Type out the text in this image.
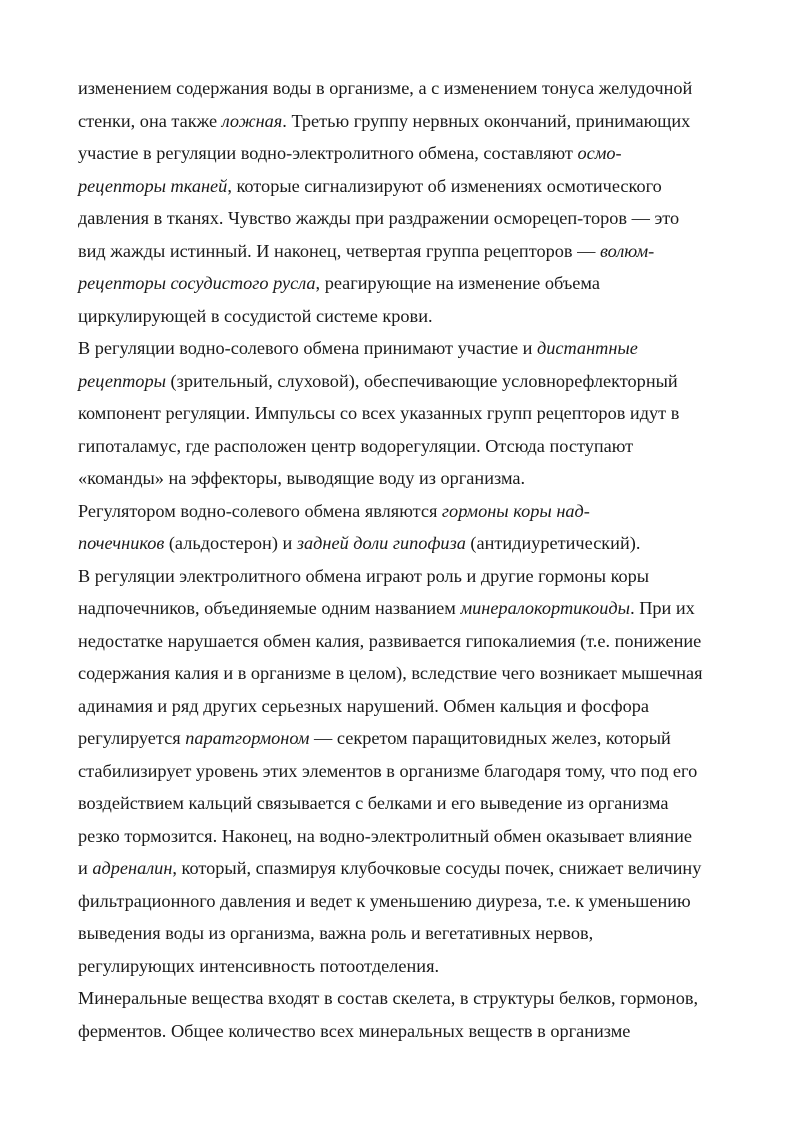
изменением содержания воды в организме, а с изменением тонуса желудочной
стенки, она также ложная. Третью группу нервных окончаний, принимающих
участие в регуляции водно-электролитного обмена, составляют осмо-
рецепторы тканей, которые сигнализируют об изменениях осмотического
давления в тканях. Чувство жажды при раздражении осморецеп-торов — это
вид жажды истинный. И наконец, четвертая группа рецепторов — волюм-
рецепторы сосудистого русла, реагирующие на изменение объема
циркулирующей в сосудистой системе крови.
В регуляции водно-солевого обмена принимают участие и дистантные
рецепторы (зрительный, слуховой), обеспечивающие условнорефлекторный
компонент регуляции. Импульсы со всех указанных групп рецепторов идут в
гипоталамус, где расположен центр водорегуляции. Отсюда поступают
«команды» на эффекторы, выводящие воду из организма.
Регулятором водно-солевого обмена являются гормоны коры над-
почечников (альдостерон) и задней доли гипофиза (антидиуретический).
В регуляции электролитного обмена играют роль и другие гормоны коры
надпочечников, объединяемые одним названием минералокортикоиды. При их
недостатке нарушается обмен калия, развивается гипокалиемия (т.е. понижение
содержания калия и в организме в целом), вследствие чего возникает мышечная
адинамия и ряд других серьезных нарушений. Обмен кальция и фосфора
регулируется паратгормоном — секретом паращитовидных желез, который
стабилизирует уровень этих элементов в организме благодаря тому, что под его
воздействием кальций связывается с белками и его выведение из организма
резко тормозится. Наконец, на водно-электролитный обмен оказывает влияние
и адреналин, который, спазмируя клубочковые сосуды почек, снижает величину
фильтрационного давления и ведет к уменьшению диуреза, т.е. к уменьшению
выведения воды из организма, важна роль и вегетативных нервов,
регулирующих интенсивность потоотделения.
Минеральные вещества входят в состав скелета, в структуры белков, гормонов,
ферментов. Общее количество всех минеральных веществ в организме
